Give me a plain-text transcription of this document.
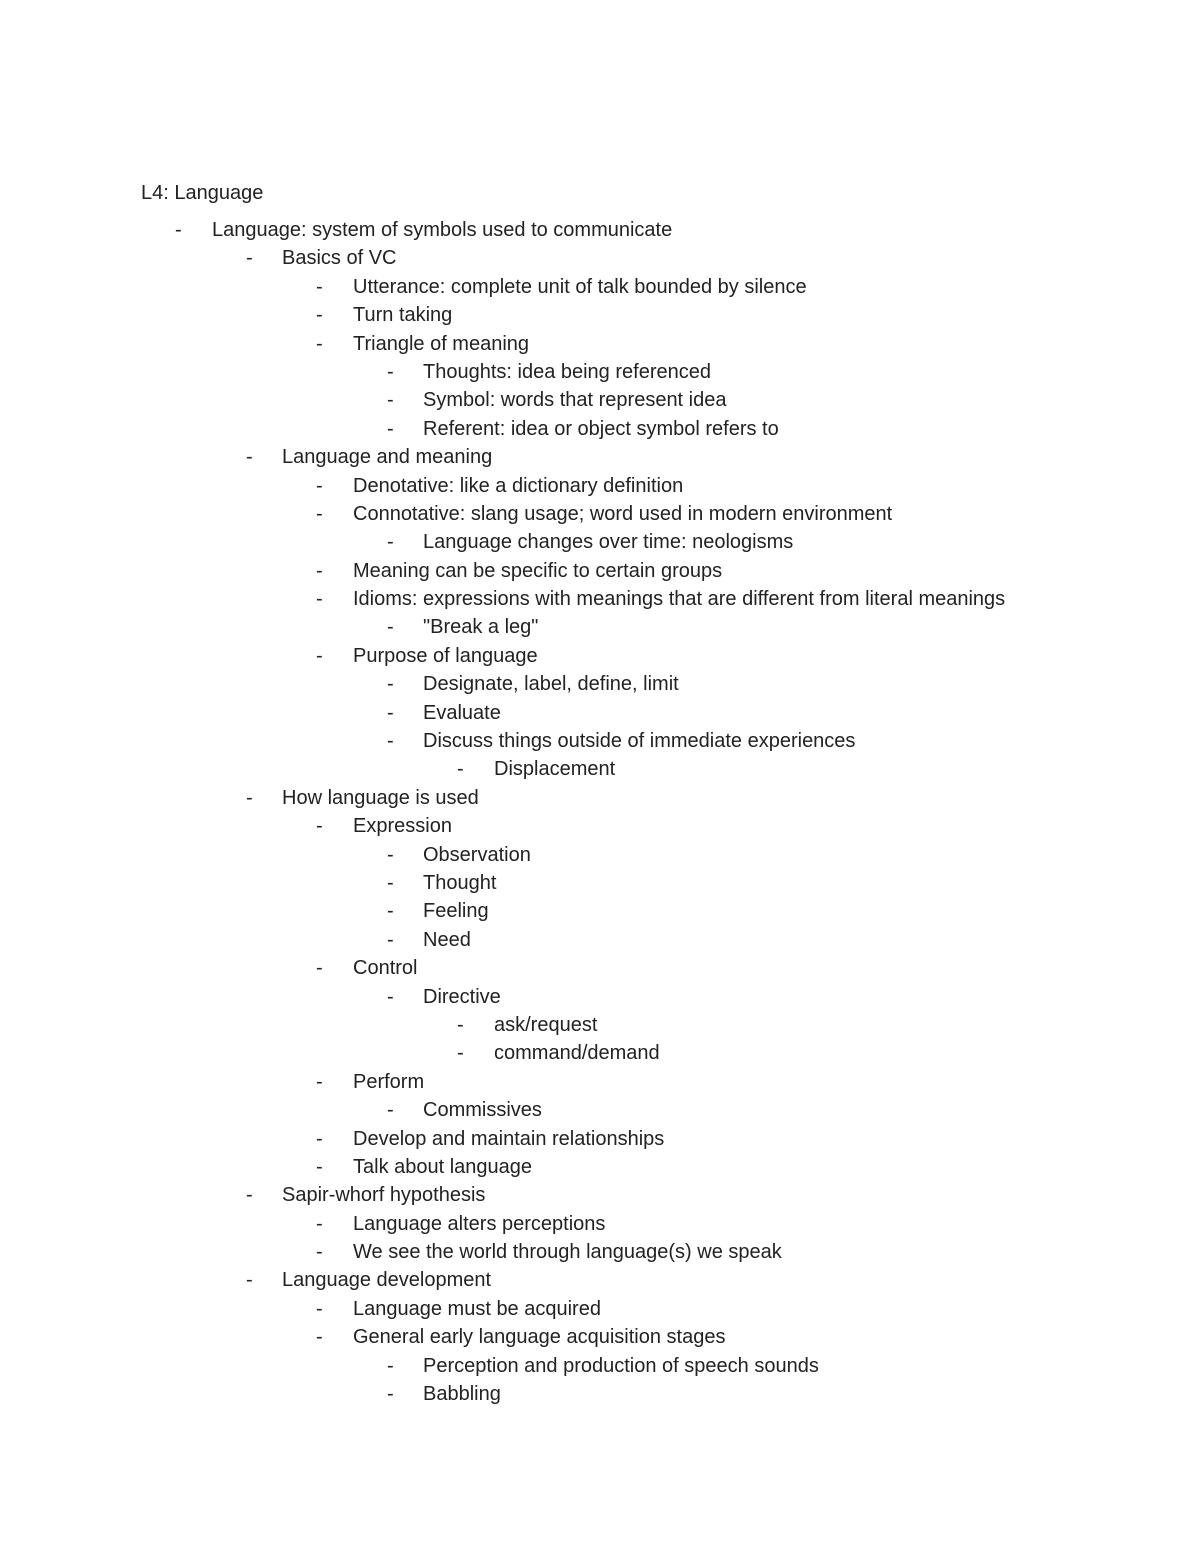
L4: Language
- Language: system of symbols used to communicate
- Basics of VC
- Utterance: complete unit of talk bounded by silence
- Turn taking
- Triangle of meaning
- Thoughts: idea being referenced
- Symbol: words that represent idea
- Referent: idea or object symbol refers to
- Language and meaning
- Denotative: like a dictionary definition
- Connotative: slang usage; word used in modern environment
- Language changes over time: neologisms
- Meaning can be specific to certain groups
- Idioms: expressions with meanings that are different from literal meanings
- "Break a leg"
- Purpose of language
- Designate, label, define, limit
- Evaluate
- Discuss things outside of immediate experiences
- Displacement
- How language is used
- Expression
- Observation
- Thought
- Feeling
- Need
- Control
- Directive
- ask/request
- command/demand
- Perform
- Commissives
- Develop and maintain relationships
- Talk about language
- Sapir-whorf hypothesis
- Language alters perceptions
- We see the world through language(s) we speak
- Language development
- Language must be acquired
- General early language acquisition stages
- Perception and production of speech sounds
- Babbling
